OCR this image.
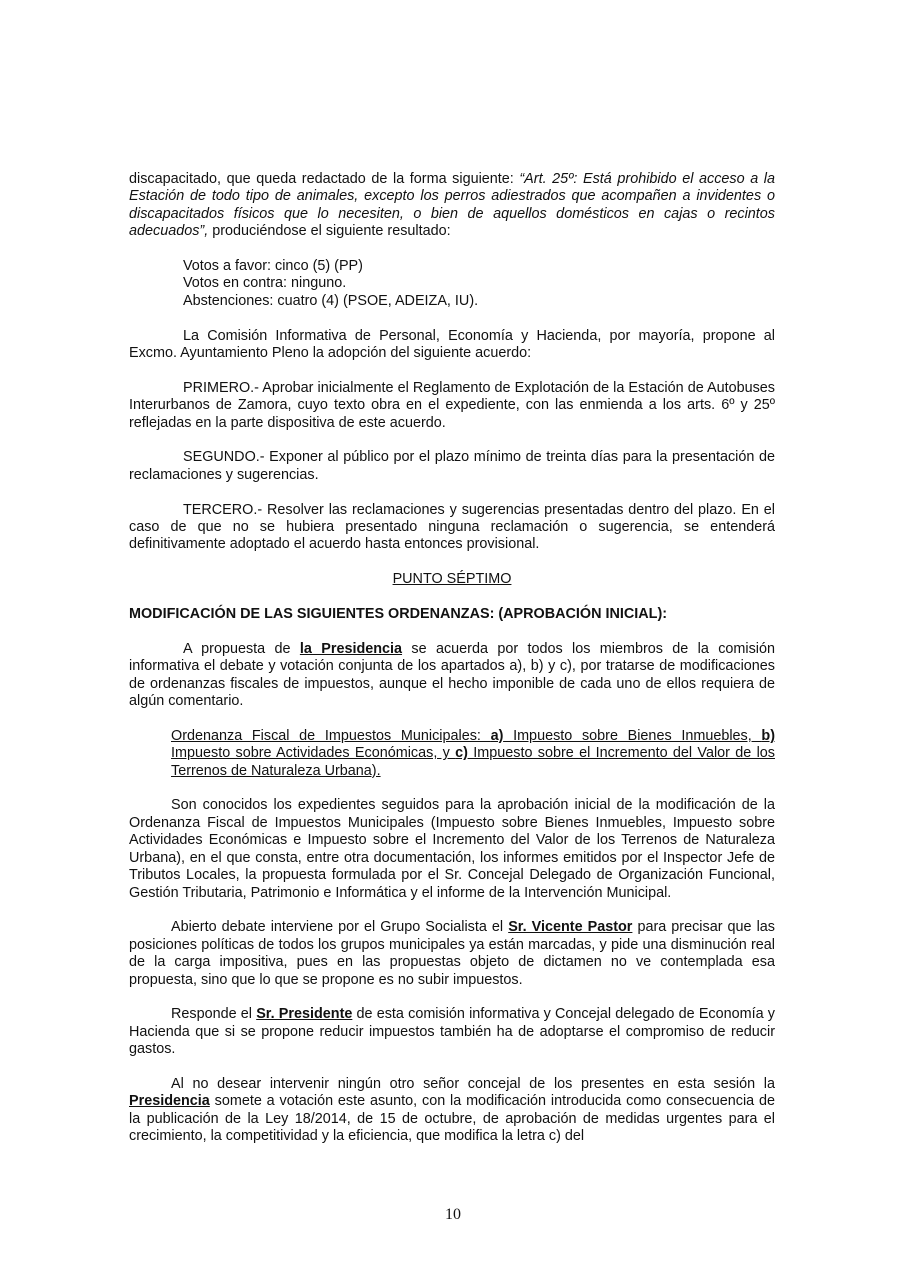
discapacitado, que queda redactado de la forma siguiente: “Art. 25º: Está prohibido el acceso a la Estación de todo tipo de animales, excepto los perros adiestrados que acompañen a invidentes o discapacitados físicos que lo necesiten, o bien de aquellos domésticos en cajas o recintos adecuados”, produciéndose el siguiente resultado:

Votos a favor: cinco (5) (PP)

Votos en contra: ninguno.

Abstenciones: cuatro (4) (PSOE, ADEIZA, IU).

La Comisión Informativa de Personal, Economía y Hacienda, por mayoría, propone al Excmo. Ayuntamiento Pleno la adopción del siguiente acuerdo:

PRIMERO.- Aprobar inicialmente el Reglamento de Explotación de la Estación de Autobuses Interurbanos de Zamora, cuyo texto obra en el expediente, con las enmienda a los arts. 6º y 25º reflejadas en la parte dispositiva de este acuerdo.

SEGUNDO.- Exponer al público por el plazo mínimo de treinta días para la presentación de reclamaciones y sugerencias.

TERCERO.- Resolver las reclamaciones y sugerencias presentadas dentro del plazo. En el caso de que no se hubiera presentado ninguna reclamación o sugerencia, se entenderá definitivamente adoptado el acuerdo hasta entonces provisional.

PUNTO SÉPTIMO

MODIFICACIÓN DE LAS SIGUIENTES ORDENANZAS: (APROBACIÓN INICIAL):

A propuesta de la Presidencia se acuerda por todos los miembros de la comisión informativa el debate y votación conjunta de los apartados a), b) y c), por tratarse de modificaciones de ordenanzas fiscales de impuestos, aunque el hecho imponible de cada uno de ellos requiera de algún comentario.

Ordenanza Fiscal de Impuestos Municipales: a) Impuesto sobre Bienes Inmuebles, b) Impuesto sobre Actividades Económicas, y c) Impuesto sobre el Incremento del Valor de los Terrenos de Naturaleza Urbana).

Son conocidos los expedientes seguidos para la aprobación inicial de la modificación de la Ordenanza Fiscal de Impuestos Municipales (Impuesto sobre Bienes Inmuebles, Impuesto sobre Actividades Económicas e Impuesto sobre el Incremento del Valor de los Terrenos de Naturaleza Urbana), en el que consta, entre otra documentación, los informes emitidos por el Inspector Jefe de Tributos Locales, la propuesta formulada por el Sr. Concejal Delegado de Organización Funcional, Gestión Tributaria, Patrimonio e Informática y el informe de la Intervención Municipal.

Abierto debate interviene por el Grupo Socialista el Sr. Vicente Pastor para precisar que las posiciones políticas de todos los grupos municipales ya están marcadas, y pide una disminución real de la carga impositiva, pues en las propuestas objeto de dictamen no ve contemplada esa propuesta, sino que lo que se propone es no subir impuestos.

Responde el Sr. Presidente de esta comisión informativa y Concejal delegado de Economía y Hacienda que si se propone reducir impuestos también ha de adoptarse el compromiso de reducir gastos.

Al no desear intervenir ningún otro señor concejal de los presentes en esta sesión la Presidencia somete a votación este asunto, con la modificación introducida como consecuencia de la publicación de la Ley 18/2014, de 15 de octubre, de aprobación de medidas urgentes para el crecimiento, la competitividad y la eficiencia, que modifica la letra c) del

10
